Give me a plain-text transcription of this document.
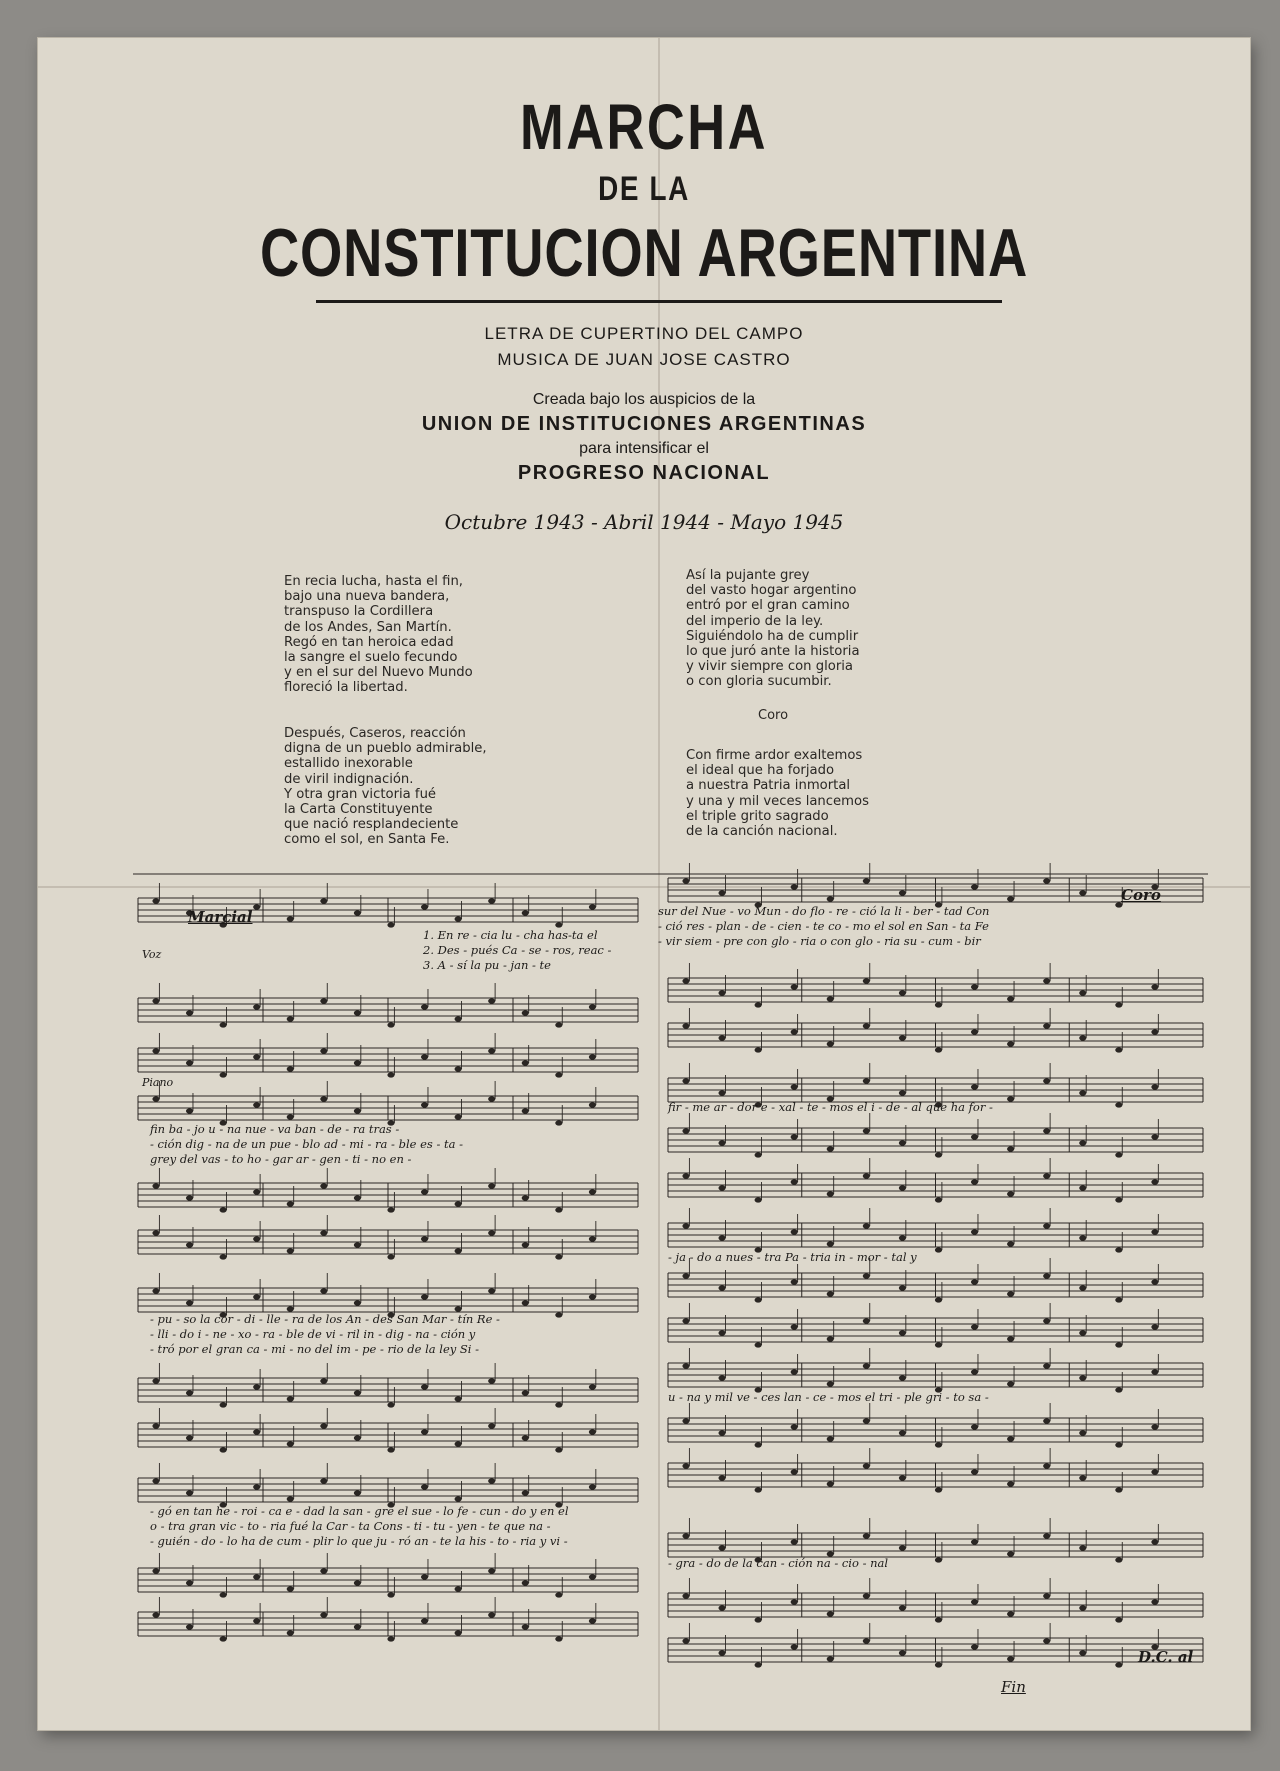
MARCHA
DE LA
CONSTITUCION ARGENTINA
LETRA DE CUPERTINO DEL CAMPO
MUSICA DE JUAN JOSE CASTRO
Creada bajo los auspicios de la
UNION DE INSTITUCIONES ARGENTINAS
para intensificar el
PROGRESO NACIONAL
Octubre 1943 - Abril 1944 - Mayo 1945
En recia lucha, hasta el fin,
bajo una nueva bandera,
transpuso la Cordillera
de los Andes, San Martín.
Regó en tan heroica edad
la sangre el suelo fecundo
y en el sur del Nuevo Mundo
floreció la libertad.
Después, Caseros, reacción
digna de un pueblo admirable,
estallido inexorable
de viril indignación.
Y otra gran victoria fué
la Carta Constituyente
que nació resplandeciente
como el sol, en Santa Fe.
Así la pujante grey
del vasto hogar argentino
entró por el gran camino
del imperio de la ley.
Siguiéndolo ha de cumplir
lo que juró ante la historia
y vivir siempre con gloria
o con gloria sucumbir.
Coro
Con firme ardor exaltemos
el ideal que ha forjado
a nuestra Patria inmortal
y una y mil veces lancemos
el triple grito sagrado
de la canción nacional.
Marcial
Coro
Fin
D.C. al
Voz
Piano
1. En re - cia lu - cha has-ta el
2. Des - pués Ca - se - ros, reac -
3. A - sí la pu - jan - te
fin ba - jo u - na nue - va ban - de - ra tras -
- ción dig - na de un pue - blo ad - mi - ra - ble es - ta -
grey del vas - to ho - gar ar - gen - ti - no en -
- pu - so la cor - di - lle - ra de los An - des San Mar - tín Re -
- lli - do i - ne - xo - ra - ble de vi - ril in - dig - na - ción y
- tró por el gran ca - mi - no del im - pe - rio de la ley Si -
- gó en tan he - roi - ca e - dad la san - gre el sue - lo fe - cun - do y en el
o - tra gran vic - to - ria fué la Car - ta Cons - ti - tu - yen - te que na -
- guién - do - lo ha de cum - plir lo que ju - ró an - te la his - to - ria y vi -
sur del Nue - vo Mun - do flo - re - ció la li - ber - tad Con
- ció res - plan - de - cien - te co - mo el sol en San - ta Fe
- vir siem - pre con glo - ria o con glo - ria su - cum - bir
fir - me ar - dor e - xal - te - mos el i - de - al que ha for -
- ja - do a nues - tra Pa - tria in - mor - tal y
u - na y mil ve - ces lan - ce - mos el tri - ple gri - to sa -
- gra - do de la can - ción na - cio - nal
